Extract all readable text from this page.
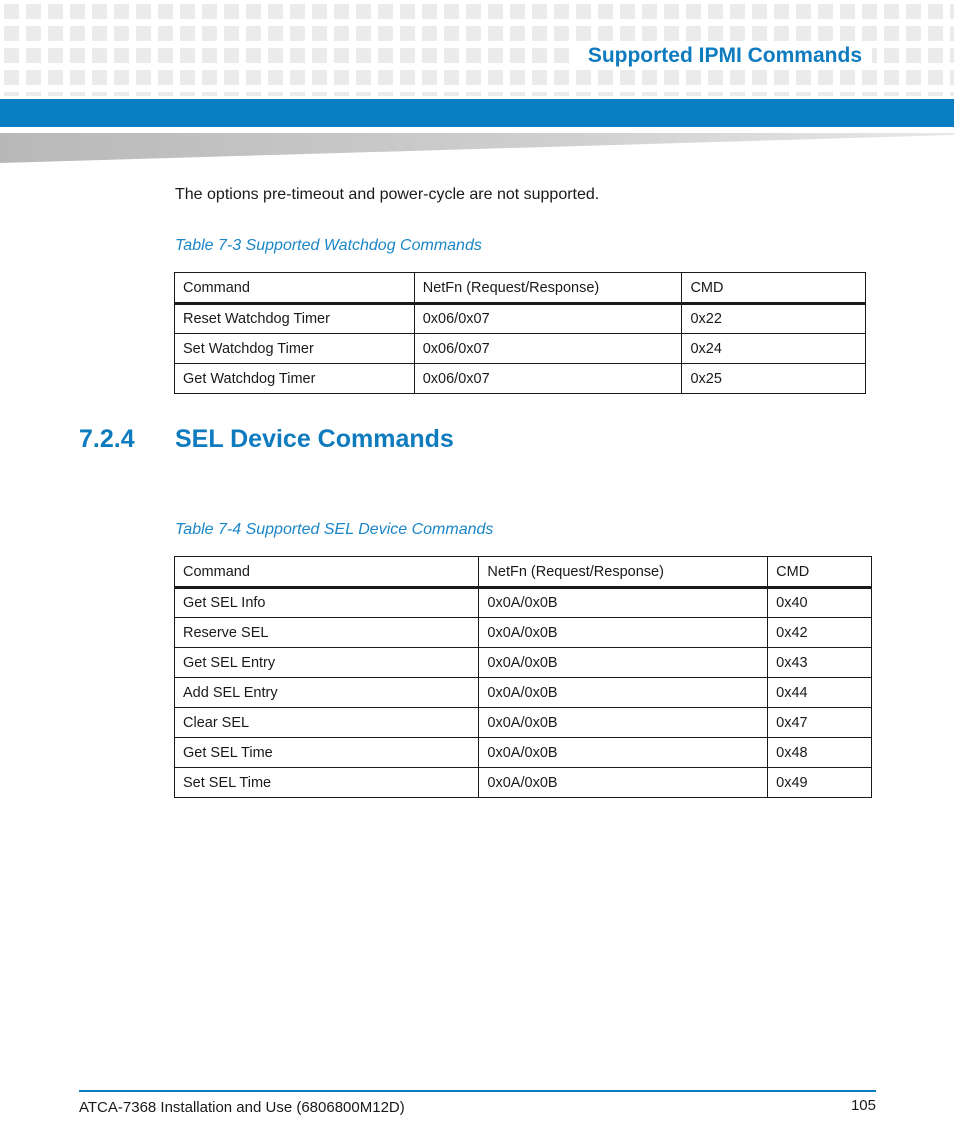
Supported IPMI Commands

The options pre-timeout and power-cycle are not supported.

Table 7-3 Supported Watchdog Commands
Command	NetFn (Request/Response)	CMD
Reset Watchdog Timer	0x06/0x07	0x22
Set Watchdog Timer	0x06/0x07	0x24
Get Watchdog Timer	0x06/0x07	0x25
7.2.4 SEL Device Commands
Table 7-4 Supported SEL Device Commands
Command	NetFn (Request/Response)	CMD
Get SEL Info	0x0A/0x0B	0x40
Reserve SEL	0x0A/0x0B	0x42
Get SEL Entry	0x0A/0x0B	0x43
Add SEL Entry	0x0A/0x0B	0x44
Clear SEL	0x0A/0x0B	0x47
Get SEL Time	0x0A/0x0B	0x48
Set SEL Time	0x0A/0x0B	0x49
ATCA-7368 Installation and Use (6806800M12D)	105
